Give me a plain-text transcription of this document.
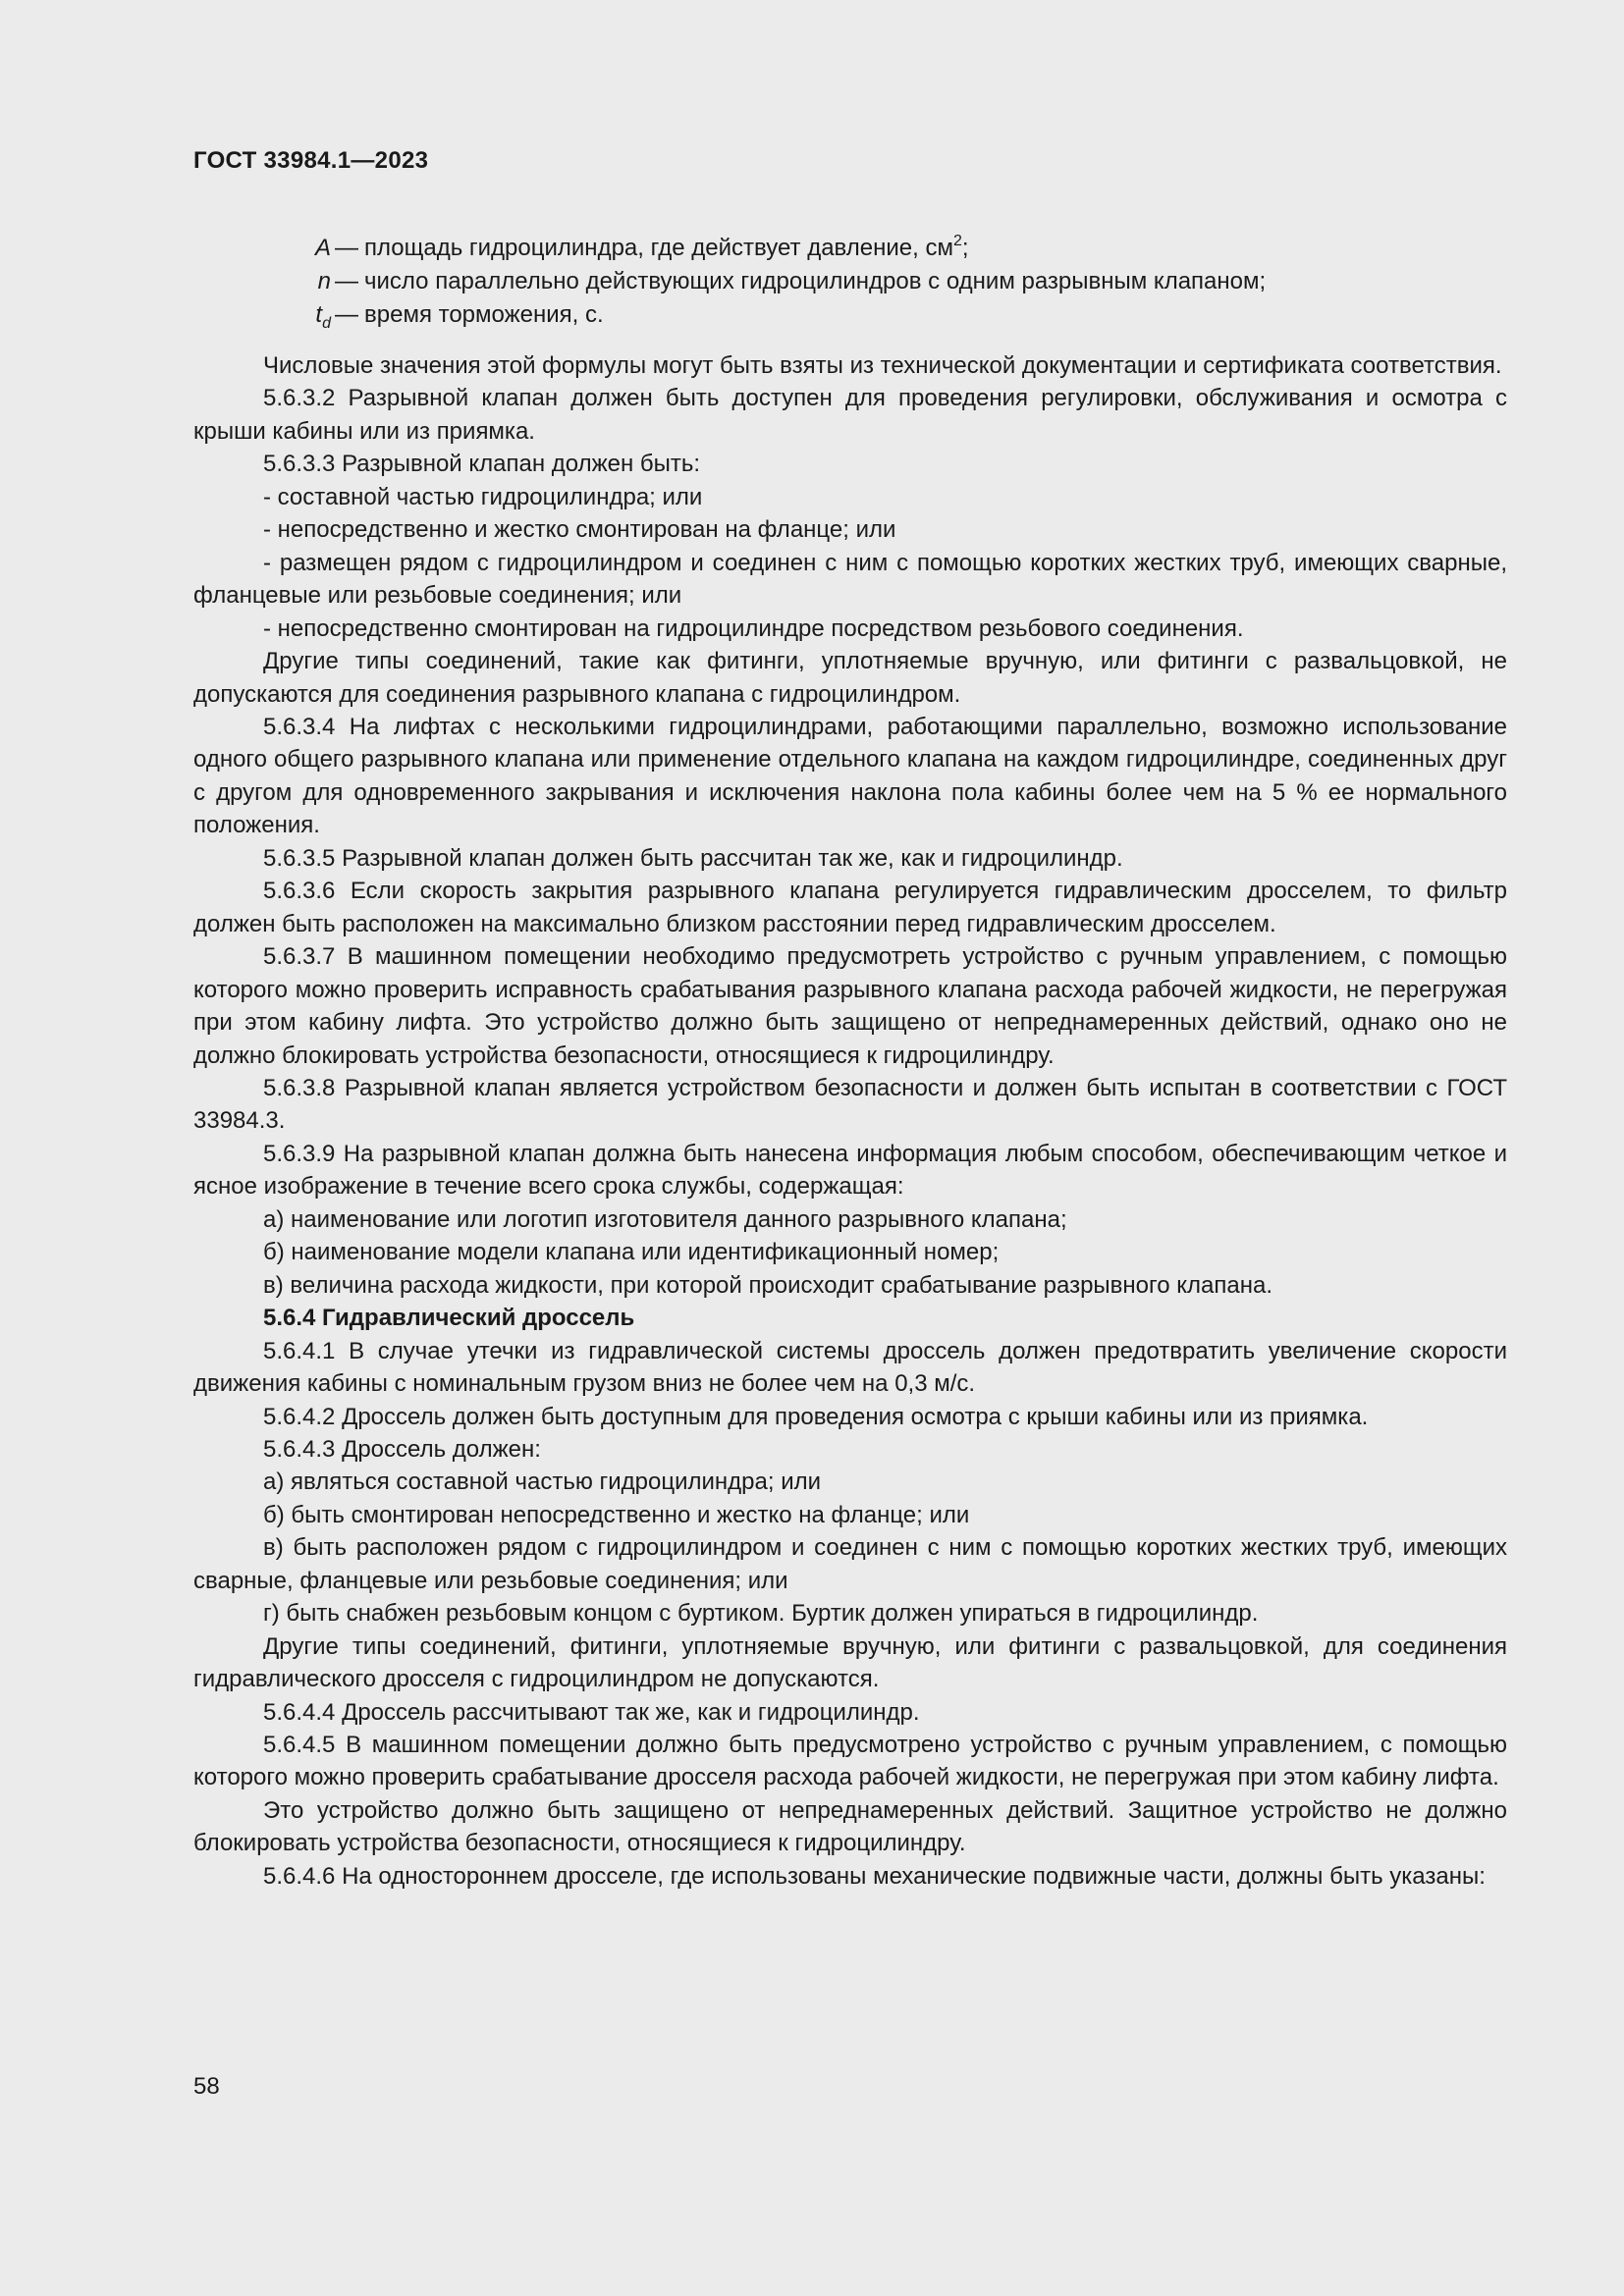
ГОСТ 33984.1—2023
A — площадь гидроцилиндра, где действует давление, $см^2$;
n — число параллельно действующих гидроцилиндров с одним разрывным клапаном;
$t_d$ — время торможения, с.

Числовые значения этой формулы могут быть взяты из технической документации и сертификата соответствия.

5.6.3.2 Разрывной клапан должен быть доступен для проведения регулировки, обслуживания и осмотра с крыши кабины или из приямка.

5.6.3.3 Разрывной клапан должен быть:

- составной частью гидроцилиндра; или

- непосредственно и жестко смонтирован на фланце; или

- размещен рядом с гидроцилиндром и соединен с ним с помощью коротких жестких труб, имеющих сварные, фланцевые или резьбовые соединения; или

- непосредственно смонтирован на гидроцилиндре посредством резьбового соединения.

Другие типы соединений, такие как фитинги, уплотняемые вручную, или фитинги с развальцовкой, не допускаются для соединения разрывного клапана с гидроцилиндром.

5.6.3.4 На лифтах с несколькими гидроцилиндрами, работающими параллельно, возможно использование одного общего разрывного клапана или применение отдельного клапана на каждом гидроцилиндре, соединенных друг с другом для одновременного закрывания и исключения наклона пола кабины более чем на 5 % ее нормального положения.

5.6.3.5 Разрывной клапан должен быть рассчитан так же, как и гидроцилиндр.

5.6.3.6 Если скорость закрытия разрывного клапана регулируется гидравлическим дросселем, то фильтр должен быть расположен на максимально близком расстоянии перед гидравлическим дросселем.

5.6.3.7 В машинном помещении необходимо предусмотреть устройство с ручным управлением, с помощью которого можно проверить исправность срабатывания разрывного клапана расхода рабочей жидкости, не перегружая при этом кабину лифта. Это устройство должно быть защищено от непреднамеренных действий, однако оно не должно блокировать устройства безопасности, относящиеся к гидроцилиндру.

5.6.3.8 Разрывной клапан является устройством безопасности и должен быть испытан в соответствии с ГОСТ 33984.3.

5.6.3.9 На разрывной клапан должна быть нанесена информация любым способом, обеспечивающим четкое и ясное изображение в течение всего срока службы, содержащая:

а) наименование или логотип изготовителя данного разрывного клапана;

б) наименование модели клапана или идентификационный номер;

в) величина расхода жидкости, при которой происходит срабатывание разрывного клапана.

5.6.4 Гидравлический дроссель

5.6.4.1 В случае утечки из гидравлической системы дроссель должен предотвратить увеличение скорости движения кабины с номинальным грузом вниз не более чем на 0,3 м/с.

5.6.4.2 Дроссель должен быть доступным для проведения осмотра с крыши кабины или из приямка.

5.6.4.3 Дроссель должен:

а) являться составной частью гидроцилиндра; или

б) быть смонтирован непосредственно и жестко на фланце; или

в) быть расположен рядом с гидроцилиндром и соединен с ним с помощью коротких жестких труб, имеющих сварные, фланцевые или резьбовые соединения; или

г) быть снабжен резьбовым концом с буртиком. Буртик должен упираться в гидроцилиндр.

Другие типы соединений, фитинги, уплотняемые вручную, или фитинги с развальцовкой, для соединения гидравлического дросселя с гидроцилиндром не допускаются.

5.6.4.4 Дроссель рассчитывают так же, как и гидроцилиндр.

5.6.4.5 В машинном помещении должно быть предусмотрено устройство с ручным управлением, с помощью которого можно проверить срабатывание дросселя расхода рабочей жидкости, не перегружая при этом кабину лифта.

Это устройство должно быть защищено от непреднамеренных действий. Защитное устройство не должно блокировать устройства безопасности, относящиеся к гидроцилиндру.

5.6.4.6 На одностороннем дросселе, где использованы механические подвижные части, должны быть указаны:

58
